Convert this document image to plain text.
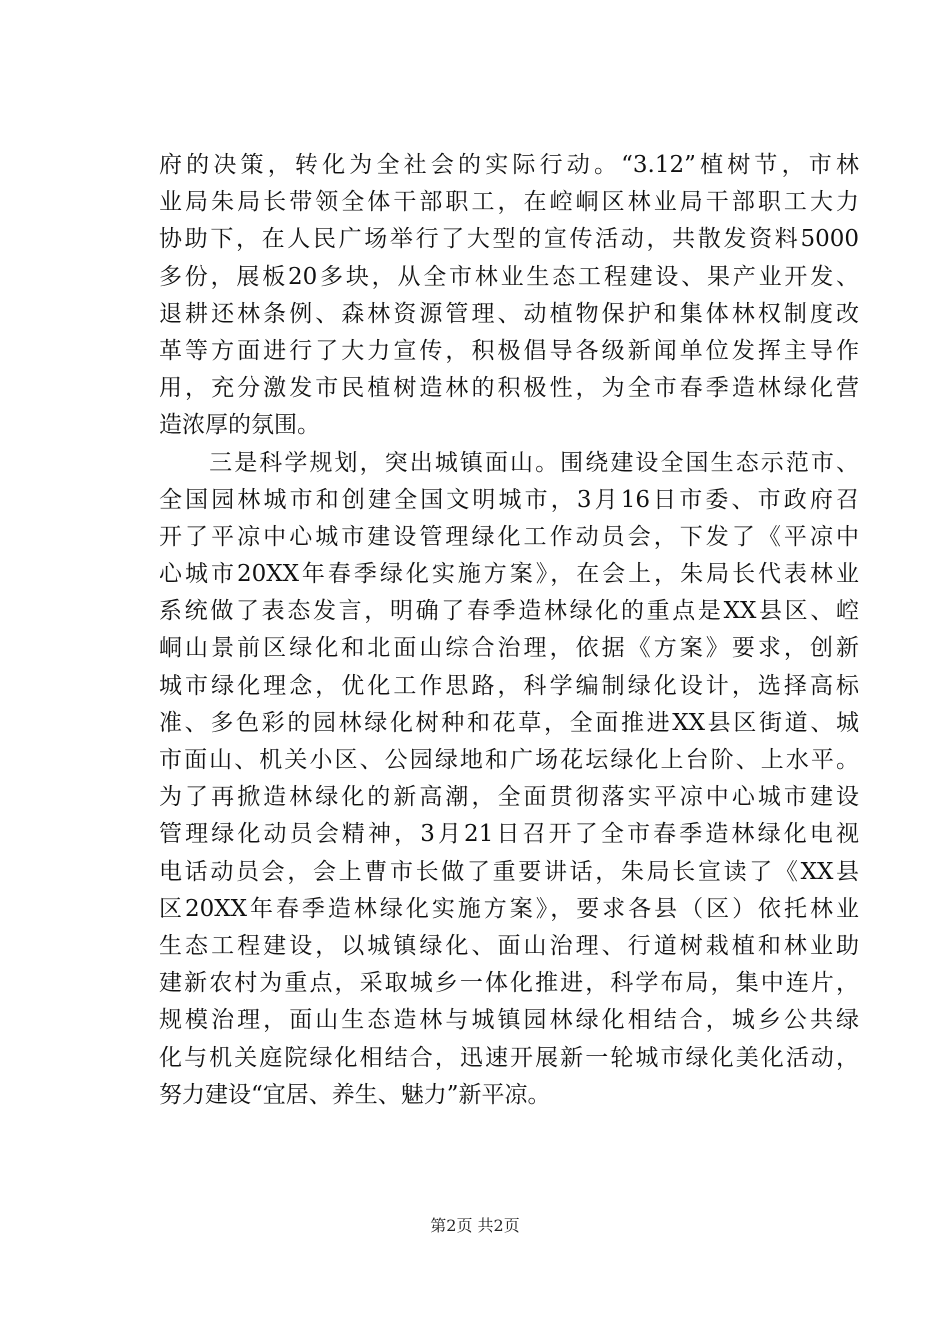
府的决策，转化为全社会的实际行动。“3.12”植树节，市林
业局朱局长带领全体干部职工，在崆峒区林业局干部职工大力
协助下，在人民广场举行了大型的宣传活动，共散发资料5000
多份，展板20多块，从全市林业生态工程建设、果产业开发、
退耕还林条例、森林资源管理、动植物保护和集体林权制度改
革等方面进行了大力宣传，积极倡导各级新闻单位发挥主导作
用，充分激发市民植树造林的积极性，为全市春季造林绿化营
造浓厚的氛围。
　　三是科学规划，突出城镇面山。围绕建设全国生态示范市、
全国园林城市和创建全国文明城市，3月16日市委、市政府召
开了平凉中心城市建设管理绿化工作动员会，下发了《平凉中
心城市20XX年春季绿化实施方案》，在会上，朱局长代表林业
系统做了表态发言，明确了春季造林绿化的重点是XX县区、崆
峒山景前区绿化和北面山综合治理，依据《方案》要求，创新
城市绿化理念，优化工作思路，科学编制绿化设计，选择高标
准、多色彩的园林绿化树种和花草，全面推进XX县区街道、城
市面山、机关小区、公园绿地和广场花坛绿化上台阶、上水平。
为了再掀造林绿化的新高潮，全面贯彻落实平凉中心城市建设
管理绿化动员会精神，3月21日召开了全市春季造林绿化电视
电话动员会，会上曹市长做了重要讲话，朱局长宣读了《XX县
区20XX年春季造林绿化实施方案》，要求各县（区）依托林业
生态工程建设，以城镇绿化、面山治理、行道树栽植和林业助
建新农村为重点，采取城乡一体化推进，科学布局，集中连片，
规模治理，面山生态造林与城镇园林绿化相结合，城乡公共绿
化与机关庭院绿化相结合，迅速开展新一轮城市绿化美化活动，
努力建设“宜居、养生、魅力”新平凉。
第2页 共2页
